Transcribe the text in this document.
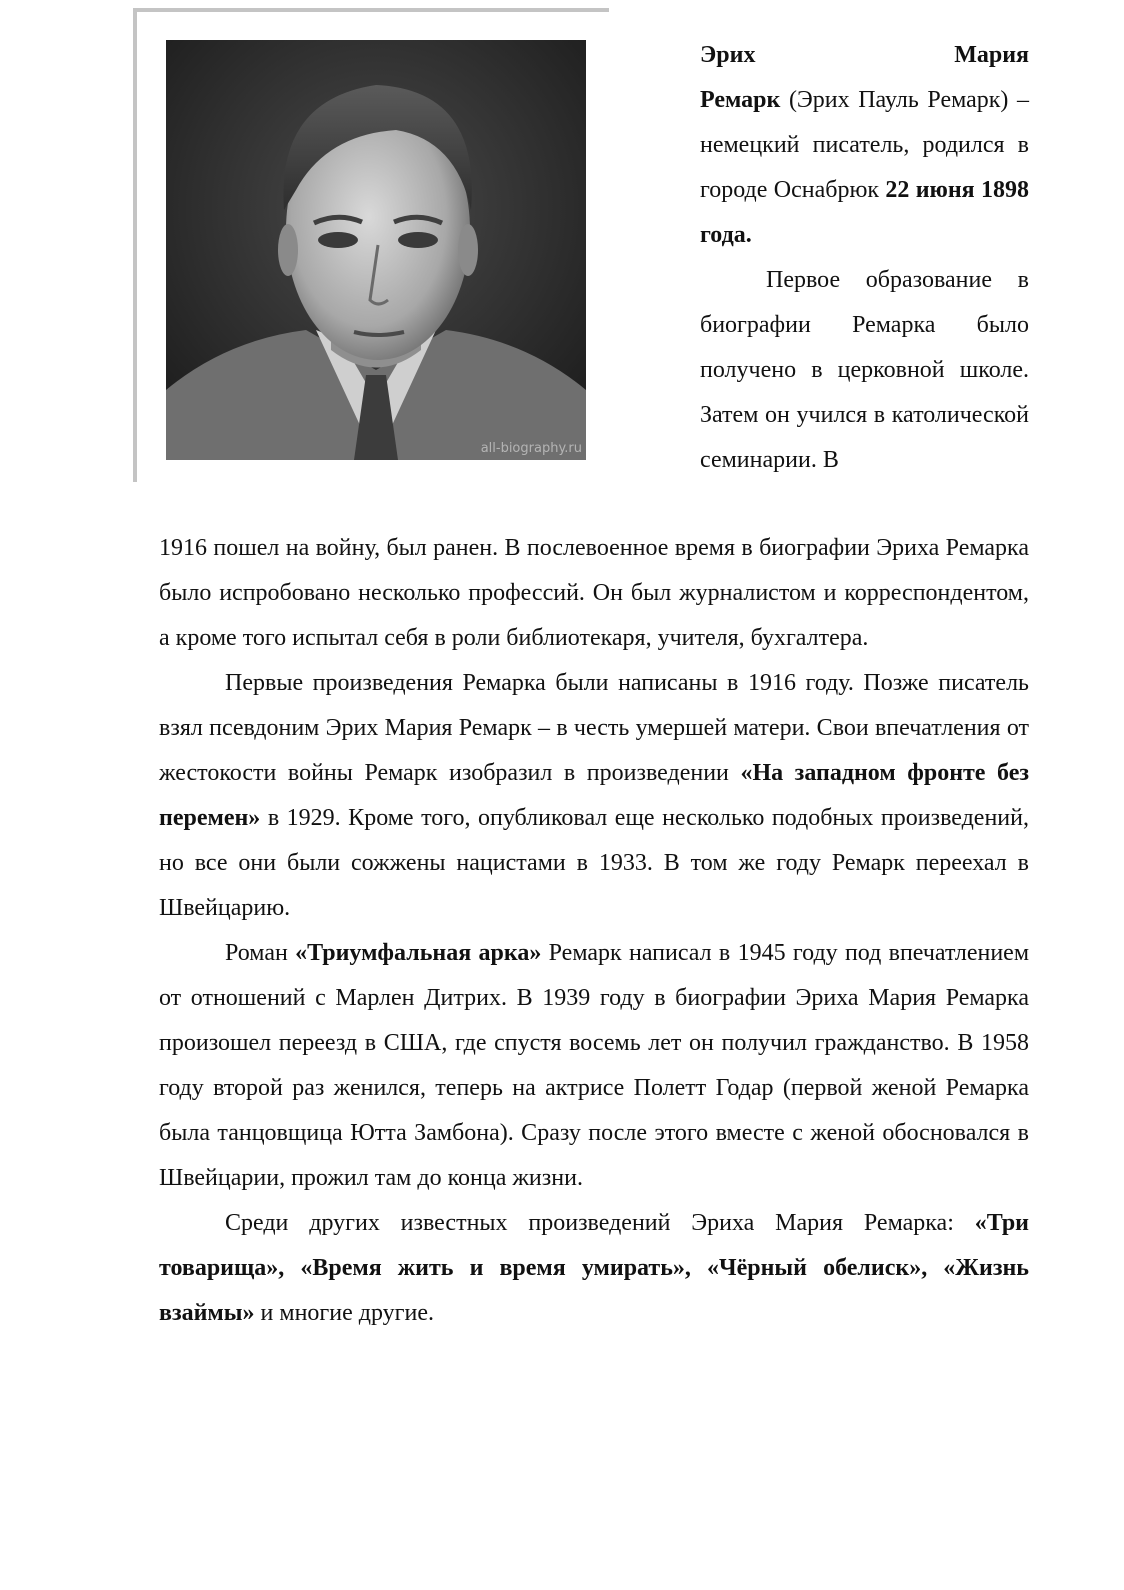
all-biography.ru

Эрих Мария

Ремарк (Эрих Пауль Ремарк) – немецкий писатель, родился в городе Оснабрюк 22 июня 1898 года.

Первое образование в биографии Ремарка было получено в церковной школе. Затем он учился в католической семинарии. В

1916 пошел на войну, был ранен. В послевоенное время в биографии Эриха Ремарка было испробовано несколько профессий. Он был журналистом и корреспондентом, а кроме того испытал себя в роли библиотекаря, учителя, бухгалтера.

Первые произведения Ремарка были написаны в 1916 году. Позже писатель взял псевдоним Эрих Мария Ремарк – в честь умершей матери. Свои впечатления от жестокости войны Ремарк изобразил в произведении «На западном фронте без перемен» в 1929. Кроме того, опубликовал еще несколько подобных произведений, но все они были сожжены нацистами в 1933. В том же году Ремарк переехал в Швейцарию.

Роман «Триумфальная арка» Ремарк написал в 1945 году под впечатлением от отношений с Марлен Дитрих. В 1939 году в биографии Эриха Мария Ремарка произошел переезд в США, где спустя восемь лет он получил гражданство. В 1958 году второй раз женился, теперь на актрисе Полетт Годар (первой женой Ремарка была танцовщица Ютта Замбона). Сразу после этого вместе с женой обосновался в Швейцарии, прожил там до конца жизни.

Среди других известных произведений Эриха Мария Ремарка: «Три товарища», «Время жить и время умирать», «Чёрный обелиск», «Жизнь взаймы» и многие другие.
